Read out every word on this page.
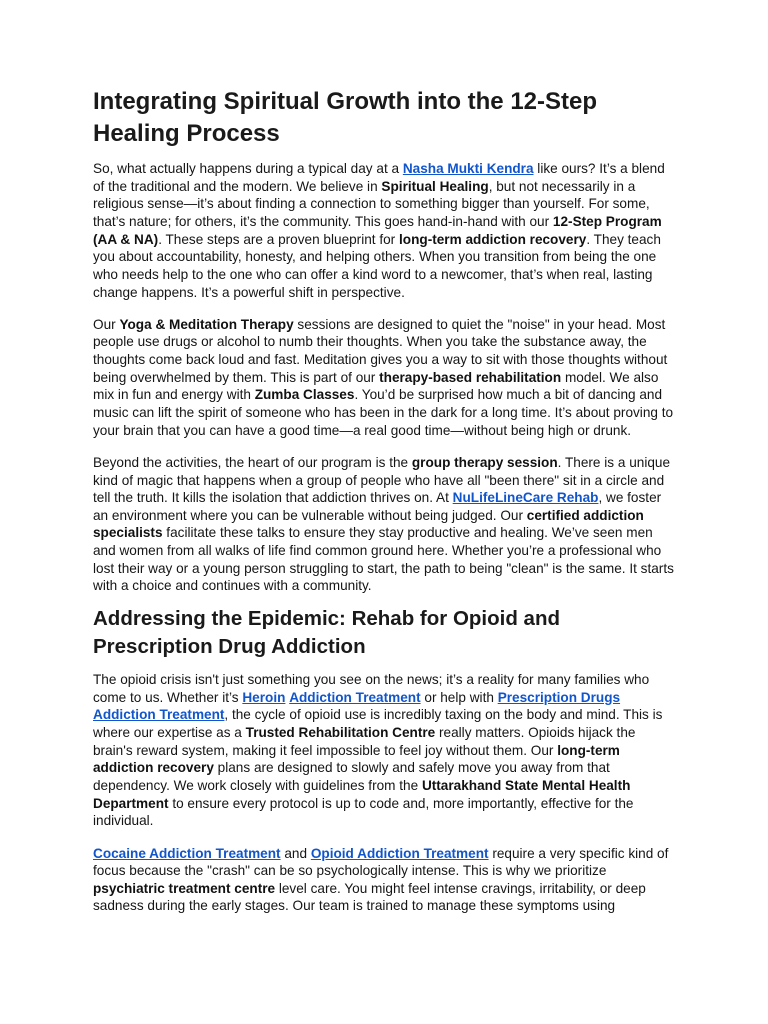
Integrating Spiritual Growth into the 12-Step Healing Process

So, what actually happens during a typical day at a Nasha Mukti Kendra like ours? It’s a blend of the traditional and the modern. We believe in Spiritual Healing, but not necessarily in a religious sense—it’s about finding a connection to something bigger than yourself. For some, that’s nature; for others, it’s the community. This goes hand-in-hand with our 12-Step Program (AA & NA). These steps are a proven blueprint for long-term addiction recovery. They teach you about accountability, honesty, and helping others. When you transition from being the one who needs help to the one who can offer a kind word to a newcomer, that’s when real, lasting change happens. It’s a powerful shift in perspective.

Our Yoga & Meditation Therapy sessions are designed to quiet the "noise" in your head. Most people use drugs or alcohol to numb their thoughts. When you take the substance away, the thoughts come back loud and fast. Meditation gives you a way to sit with those thoughts without being overwhelmed by them. This is part of our therapy-based rehabilitation model. We also mix in fun and energy with Zumba Classes. You’d be surprised how much a bit of dancing and music can lift the spirit of someone who has been in the dark for a long time. It’s about proving to your brain that you can have a good time—a real good time—without being high or drunk.

Beyond the activities, the heart of our program is the group therapy session. There is a unique kind of magic that happens when a group of people who have all "been there" sit in a circle and tell the truth. It kills the isolation that addiction thrives on. At NuLifeLineCare Rehab, we foster an environment where you can be vulnerable without being judged. Our certified addiction specialists facilitate these talks to ensure they stay productive and healing. We’ve seen men and women from all walks of life find common ground here. Whether you’re a professional who lost their way or a young person struggling to start, the path to being "clean" is the same. It starts with a choice and continues with a community.

Addressing the Epidemic: Rehab for Opioid and Prescription Drug Addiction

The opioid crisis isn't just something you see on the news; it’s a reality for many families who come to us. Whether it’s Heroin Addiction Treatment or help with Prescription Drugs Addiction Treatment, the cycle of opioid use is incredibly taxing on the body and mind. This is where our expertise as a Trusted Rehabilitation Centre really matters. Opioids hijack the brain's reward system, making it feel impossible to feel joy without them. Our long-term addiction recovery plans are designed to slowly and safely move you away from that dependency. We work closely with guidelines from the Uttarakhand State Mental Health Department to ensure every protocol is up to code and, more importantly, effective for the individual.

Cocaine Addiction Treatment and Opioid Addiction Treatment require a very specific kind of focus because the "crash" can be so psychologically intense. This is why we prioritize psychiatric treatment centre level care. You might feel intense cravings, irritability, or deep sadness during the early stages. Our team is trained to manage these symptoms using
